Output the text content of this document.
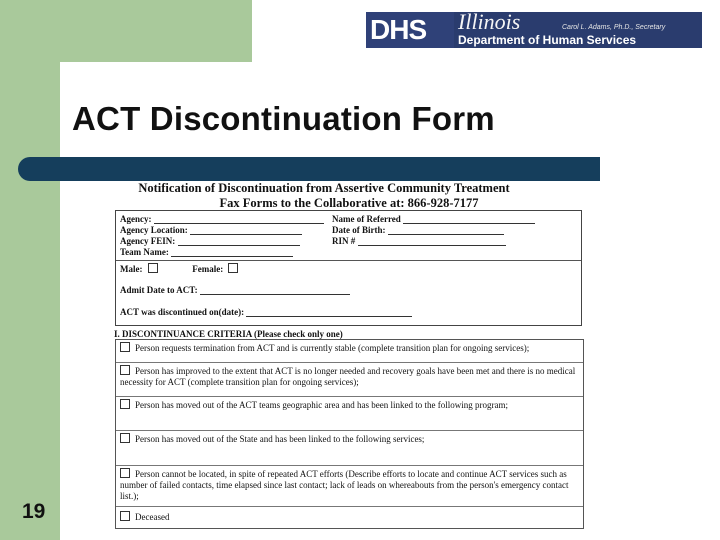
DHS Illinois	Carol L. Adams, Ph.D., Secretary
Department of Human Services
ACT Discontinuation Form
Notification of Discontinuation from Assertive Community Treatment
Fax Forms to the Collaborative at: 866-928-7177
Agency:
Agency Location:
Agency FEIN:
Team Name:
Name of Referred
Date of Birth:
RIN #
Male:	Female:
Admit Date to ACT:
ACT was discontinued on(date):
I. DISCONTINUANCE CRITERIA (Please check only one)
Person requests termination from ACT and is currently stable (complete transition plan for ongoing services);
Person has improved to the extent that ACT is no longer needed and recovery goals have been met and there is no medical necessity for ACT (complete transition plan for ongoing services);
Person has moved out of the ACT teams geographic area and has been linked to the following program;
Person has moved out of the State and has been linked to the following services;
Person cannot be located, in spite of repeated ACT efforts (Describe efforts to locate and continue ACT services such as number of failed contacts, time elapsed since last contact; lack of leads on whereabouts from the person's emergency contact list.);
Deceased
19
